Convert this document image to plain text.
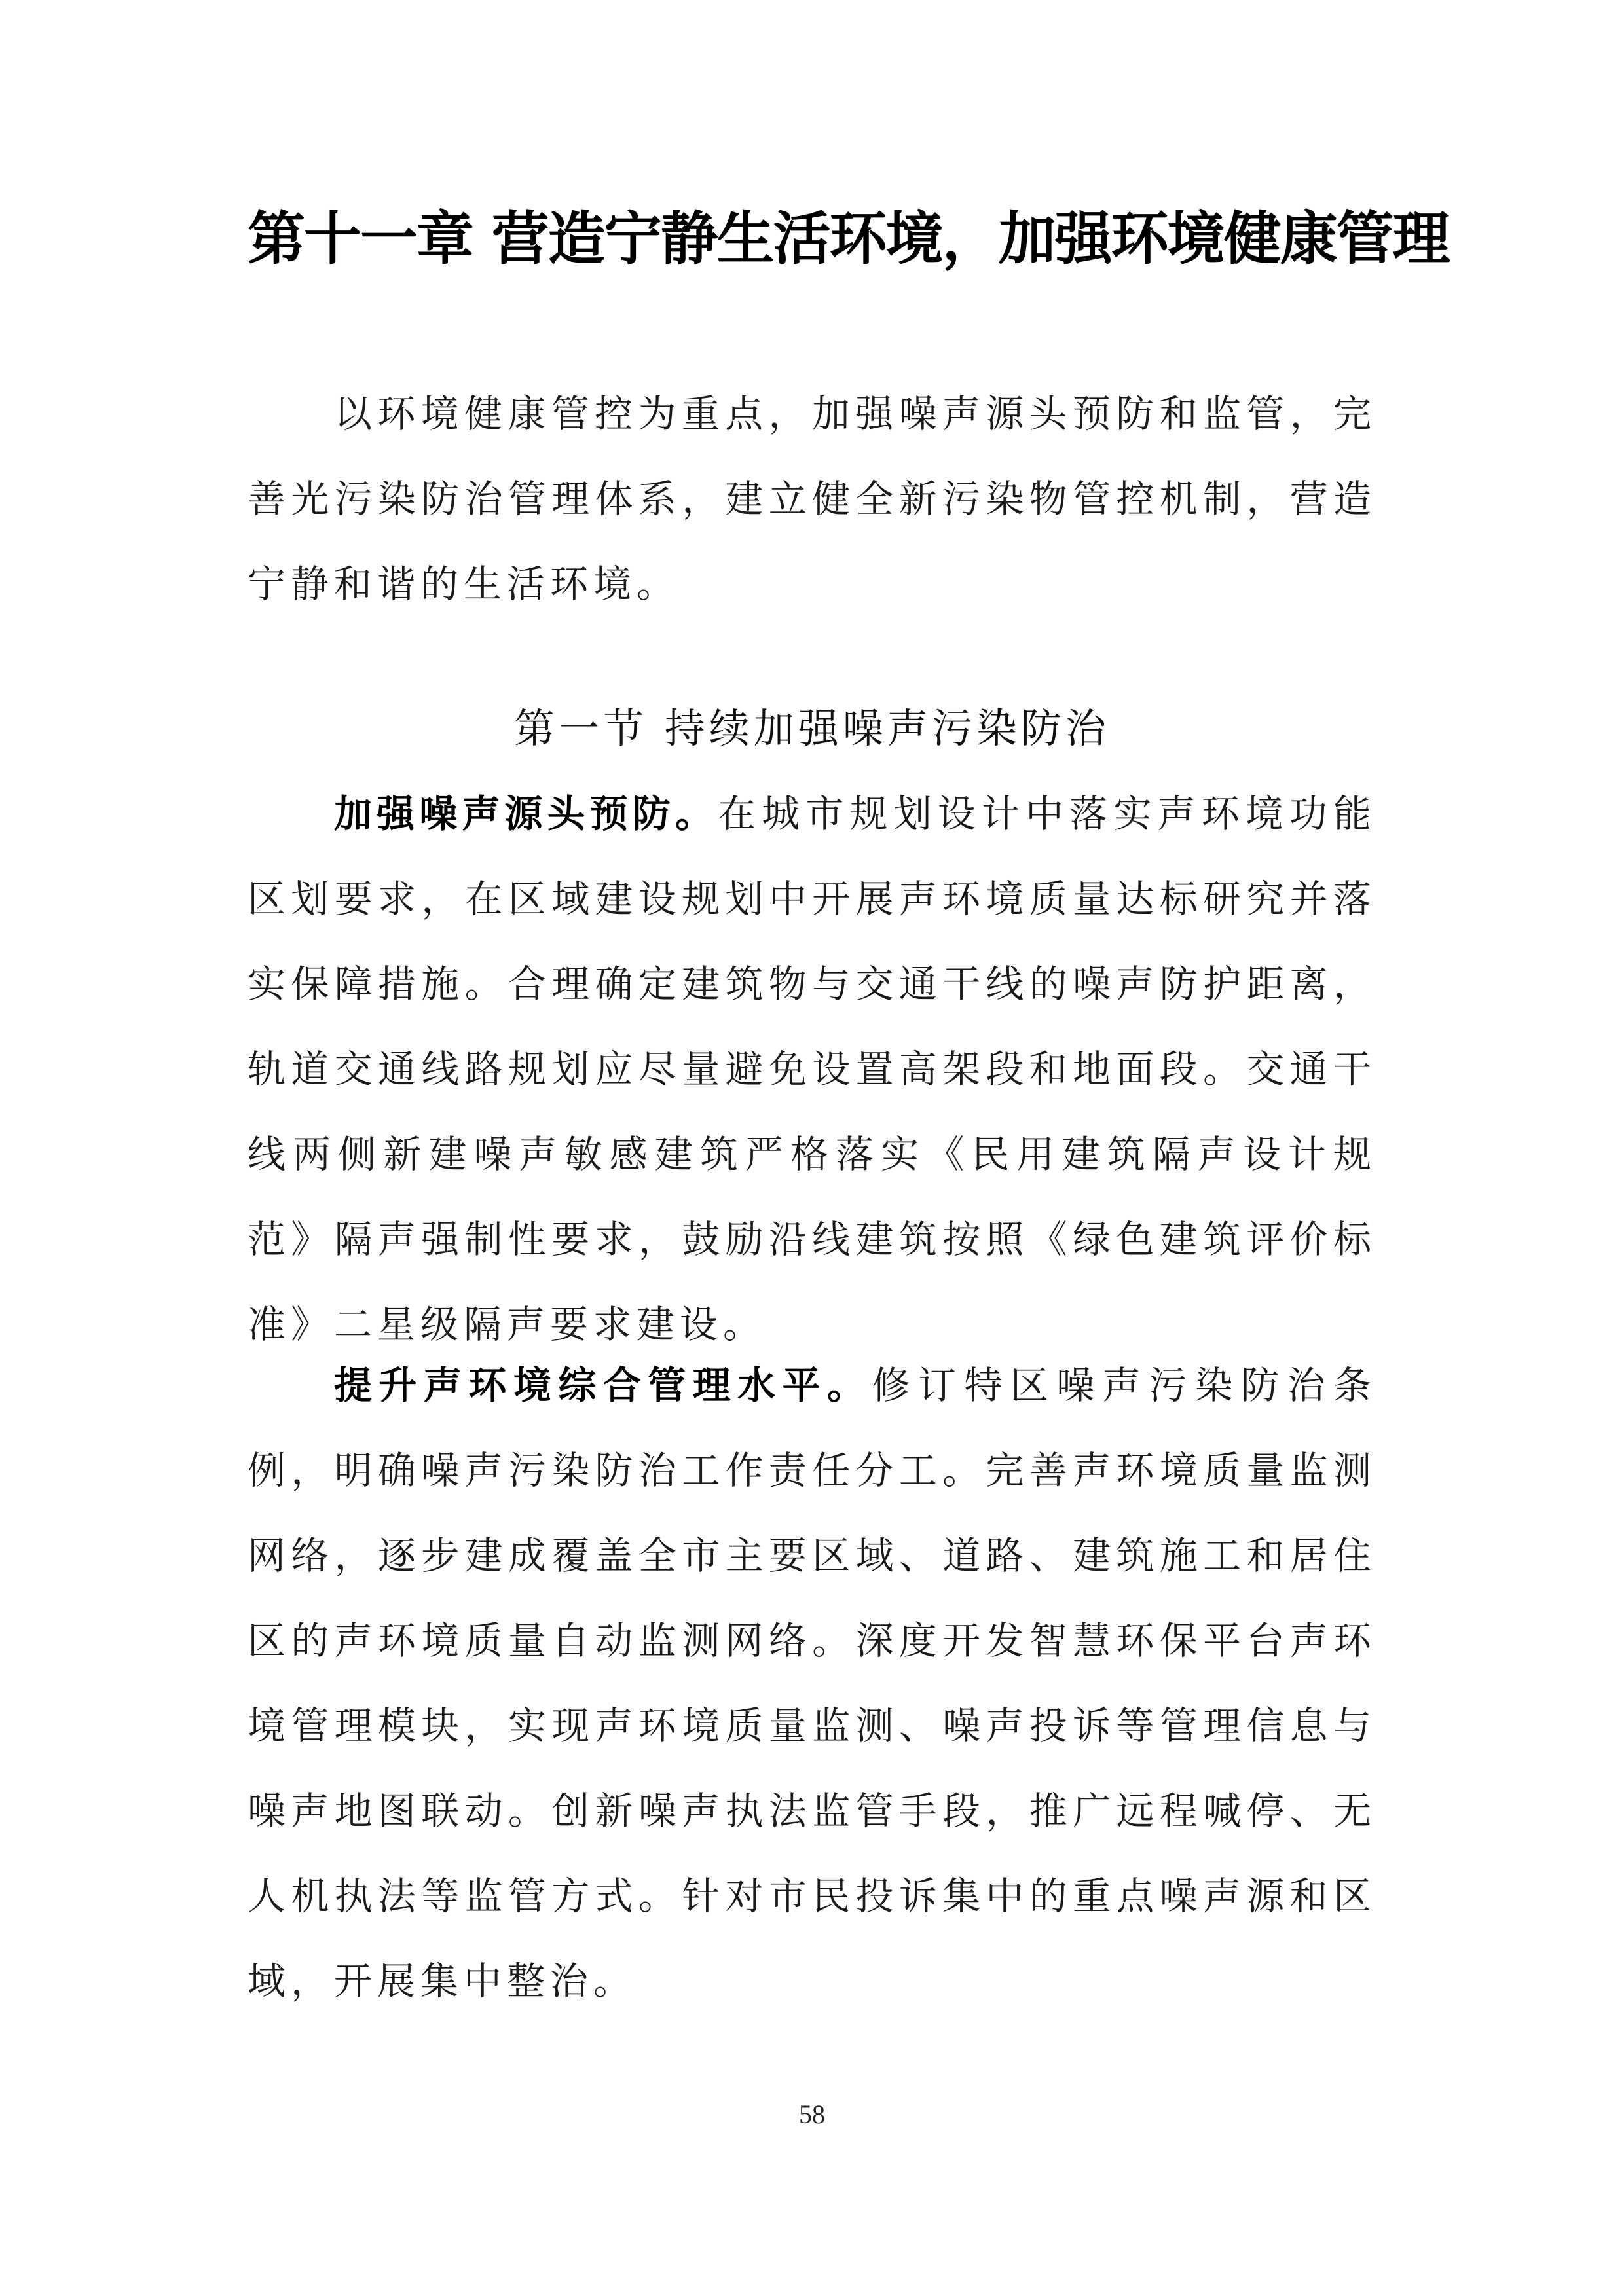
第十一章 营造宁静生活环境，加强环境健康管理

以环境健康管控为重点，加强噪声源头预防和监管，完善光污染防治管理体系，建立健全新污染物管控机制，营造宁静和谐的生活环境。

第一节 持续加强噪声污染防治

加强噪声源头预防。在城市规划设计中落实声环境功能区划要求，在区域建设规划中开展声环境质量达标研究并落实保障措施。合理确定建筑物与交通干线的噪声防护距离，轨道交通线路规划应尽量避免设置高架段和地面段。交通干线两侧新建噪声敏感建筑严格落实《民用建筑隔声设计规范》隔声强制性要求，鼓励沿线建筑按照《绿色建筑评价标准》二星级隔声要求建设。

提升声环境综合管理水平。修订特区噪声污染防治条例，明确噪声污染防治工作责任分工。完善声环境质量监测网络，逐步建成覆盖全市主要区域、道路、建筑施工和居住区的声环境质量自动监测网络。深度开发智慧环保平台声环境管理模块，实现声环境质量监测、噪声投诉等管理信息与噪声地图联动。创新噪声执法监管手段，推广远程喊停、无人机执法等监管方式。针对市民投诉集中的重点噪声源和区域，开展集中整治。

58
